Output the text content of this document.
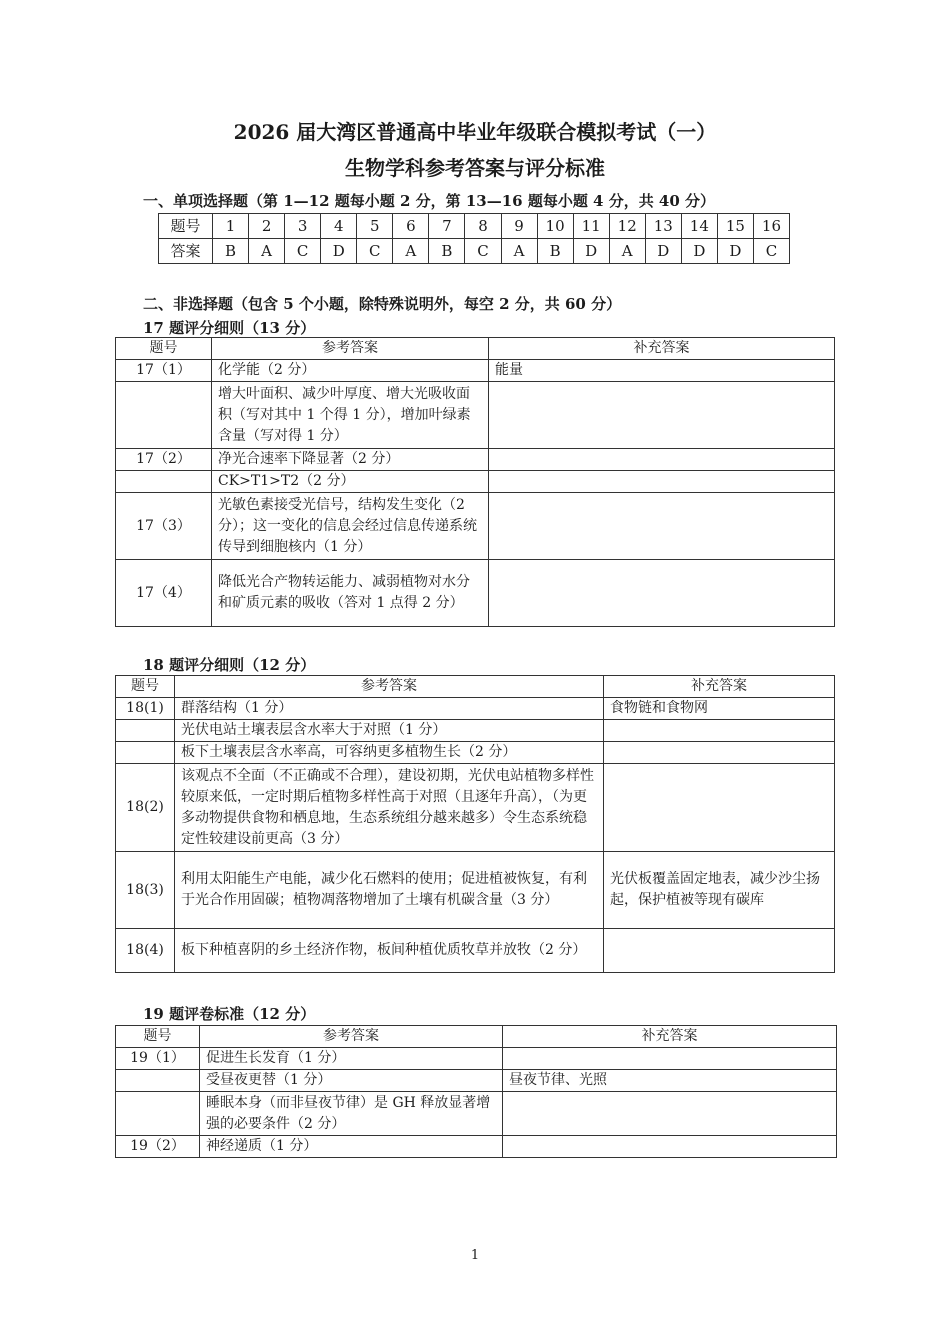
2026 届大湾区普通高中毕业年级联合模拟考试（一）
生物学科参考答案与评分标准
一、单项选择题（第 1—12 题每小题 2 分，第 13—16 题每小题 4 分，共 40 分）
题号	1	2	3	4	5	6	7	8	9	10	11	12	13	14	15	16
答案	B	A	C	D	C	A	B	C	A	B	D	A	D	D	D	C
二、非选择题（包含 5 个小题，除特殊说明外，每空 2 分，共 60 分）
17 题评分细则（13 分）
题号	参考答案	补充答案
17（1）	化学能（2 分）	能量
	增大叶面积、减少叶厚度、增大光吸收面积（写对其中 1 个得 1 分），增加叶绿素含量（写对得 1 分）	
17（2）	净光合速率下降显著（2 分）	
	CK>T1>T2（2 分）	
17（3）	光敏色素接受光信号，结构发生变化（2 分）；这一变化的信息会经过信息传递系统传导到细胞核内（1 分）	
17（4）	降低光合产物转运能力、减弱植物对水分和矿质元素的吸收（答对 1 点得 2 分）	
18 题评分细则（12 分）
题号	参考答案	补充答案
18(1)	群落结构（1 分）	食物链和食物网
	光伏电站土壤表层含水率大于对照（1 分）	
	板下土壤表层含水率高，可容纳更多植物生长（2 分）	
18(2)	该观点不全面（不正确或不合理），建设初期，光伏电站植物多样性较原来低，一定时期后植物多样性高于对照（且逐年升高），（为更多动物提供食物和栖息地，生态系统组分越来越多）令生态系统稳定性较建设前更高（3 分）	
18(3)	利用太阳能生产电能，减少化石燃料的使用；促进植被恢复，有利于光合作用固碳；植物凋落物增加了土壤有机碳含量（3 分）	光伏板覆盖固定地表，减少沙尘扬起，保护植被等现有碳库
18(4)	板下种植喜阴的乡土经济作物，板间种植优质牧草并放牧（2 分）	
19 题评卷标准（12 分）
题号	参考答案	补充答案
19（1）	促进生长发育（1 分）	
	受昼夜更替（1 分）	昼夜节律、光照
	睡眠本身（而非昼夜节律）是 GH 释放显著增强的必要条件（2 分）	
19（2）	神经递质（1 分）	
1
